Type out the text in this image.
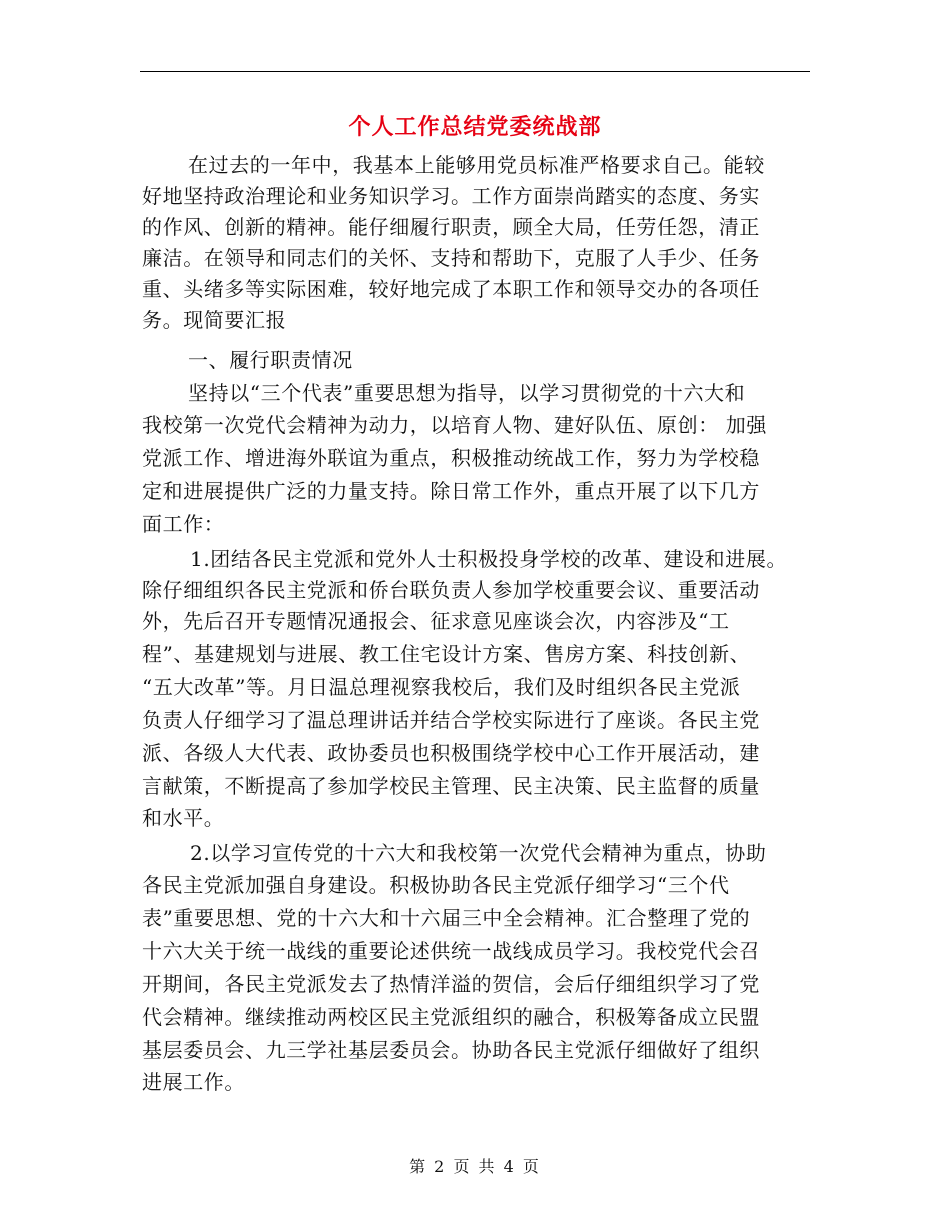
个人工作总结党委统战部
在过去的一年中，我基本上能够用党员标准严格要求自己。能较
好地坚持政治理论和业务知识学习。工作方面崇尚踏实的态度、务实
的作风、创新的精神。能仔细履行职责，顾全大局，任劳任怨，清正
廉洁。在领导和同志们的关怀、支持和帮助下，克服了人手少、任务
重、头绪多等实际困难，较好地完成了本职工作和领导交办的各项任
务。现简要汇报
一、履行职责情况
坚持以“三个代表”重要思想为指导，以学习贯彻党的十六大和
我校第一次党代会精神为动力，以培育人物、建好队伍、原创： 加强
党派工作、增进海外联谊为重点，积极推动统战工作，努力为学校稳
定和进展提供广泛的力量支持。除日常工作外，重点开展了以下几方
面工作：
1.团结各民主党派和党外人士积极投身学校的改革、建设和进展。
除仔细组织各民主党派和侨台联负责人参加学校重要会议、重要活动
外，先后召开专题情况通报会、征求意见座谈会次，内容涉及“工
程”、基建规划与进展、教工住宅设计方案、售房方案、科技创新、
“五大改革”等。月日温总理视察我校后，我们及时组织各民主党派
负责人仔细学习了温总理讲话并结合学校实际进行了座谈。各民主党
派、各级人大代表、政协委员也积极围绕学校中心工作开展活动，建
言献策，不断提高了参加学校民主管理、民主决策、民主监督的质量
和水平。
2.以学习宣传党的十六大和我校第一次党代会精神为重点，协助
各民主党派加强自身建设。积极协助各民主党派仔细学习“三个代
表”重要思想、党的十六大和十六届三中全会精神。汇合整理了党的
十六大关于统一战线的重要论述供统一战线成员学习。我校党代会召
开期间，各民主党派发去了热情洋溢的贺信，会后仔细组织学习了党
代会精神。继续推动两校区民主党派组织的融合，积极筹备成立民盟
基层委员会、九三学社基层委员会。协助各民主党派仔细做好了组织
进展工作。
第 2 页 共 4 页
